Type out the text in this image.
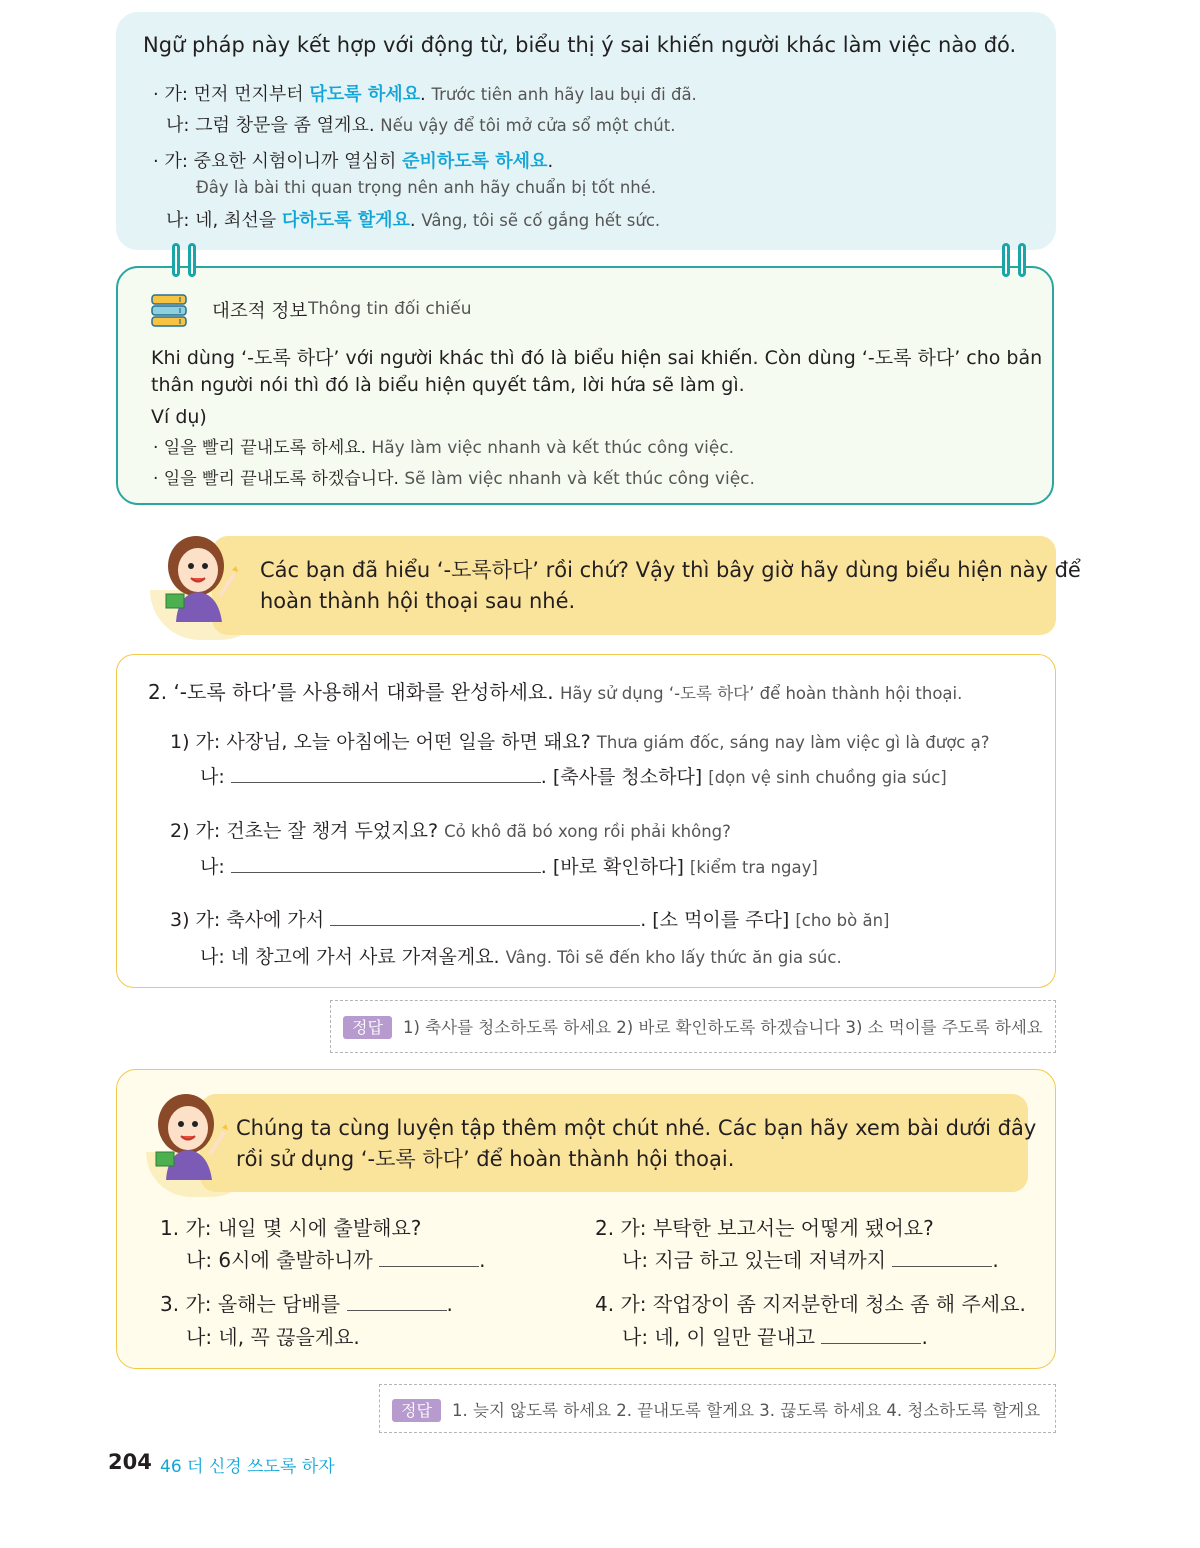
Ngữ pháp này kết hợp với động từ, biểu thị ý sai khiến người khác làm việc nào đó.
· 가: 먼저 먼지부터 닦도록 하세요. Trước tiên anh hãy lau bụi đi đã.
나: 그럼 창문을 좀 열게요. Nếu vậy để tôi mở cửa sổ một chút.
· 가: 중요한 시험이니까 열심히 준비하도록 하세요.
Đây là bài thi quan trọng nên anh hãy chuẩn bị tốt nhé.
나: 네, 최선을 다하도록 할게요. Vâng, tôi sẽ cố gắng hết sức.
대조적 정보 Thông tin đối chiếu
Khi dùng ‘-도록 하다’ với người khác thì đó là biểu hiện sai khiến. Còn dùng ‘-도록 하다’ cho bản
thân người nói thì đó là biểu hiện quyết tâm, lời hứa sẽ làm gì.
Ví dụ)
· 일을 빨리 끝내도록 하세요. Hãy làm việc nhanh và kết thúc công việc.
· 일을 빨리 끝내도록 하겠습니다. Sẽ làm việc nhanh và kết thúc công việc.
Các bạn đã hiểu ‘-도록하다’ rồi chứ? Vậy thì bây giờ hãy dùng biểu hiện này để
hoàn thành hội thoại sau nhé.
2. ‘-도록 하다’를 사용해서 대화를 완성하세요. Hãy sử dụng ‘-도록 하다’ để hoàn thành hội thoại.
1) 가: 사장님, 오늘 아침에는 어떤 일을 하면 돼요? Thưa giám đốc, sáng nay làm việc gì là được ạ?
나:	. [축사를 청소하다] [dọn vệ sinh chuồng gia súc]
2) 가: 건초는 잘 챙겨 두었지요? Cỏ khô đã bó xong rồi phải không?
나:	. [바로 확인하다] [kiểm tra ngay]
3) 가: 축사에 가서	. [소 먹이를 주다] [cho bò ăn]
나: 네 창고에 가서 사료 가져올게요. Vâng. Tôi sẽ đến kho lấy thức ăn gia súc.
정답 1) 축사를 청소하도록 하세요 2) 바로 확인하도록 하겠습니다 3) 소 먹이를 주도록 하세요
Chúng ta cùng luyện tập thêm một chút nhé. Các bạn hãy xem bài dưới đây
rồi sử dụng ‘-도록 하다’ để hoàn thành hội thoại.
1. 가: 내일 몇 시에 출발해요?
나: 6시에 출발하니까	.
2. 가: 부탁한 보고서는 어떻게 됐어요?
나: 지금 하고 있는데 저녁까지	.
3. 가: 올해는 담배를	.
나: 네, 꼭 끊을게요.
4. 가: 작업장이 좀 지저분한데 청소 좀 해 주세요.
나: 네, 이 일만 끝내고	.
정답 1. 늦지 않도록 하세요 2. 끝내도록 할게요 3. 끊도록 하세요 4. 청소하도록 할게요
204 46 더 신경 쓰도록 하자
